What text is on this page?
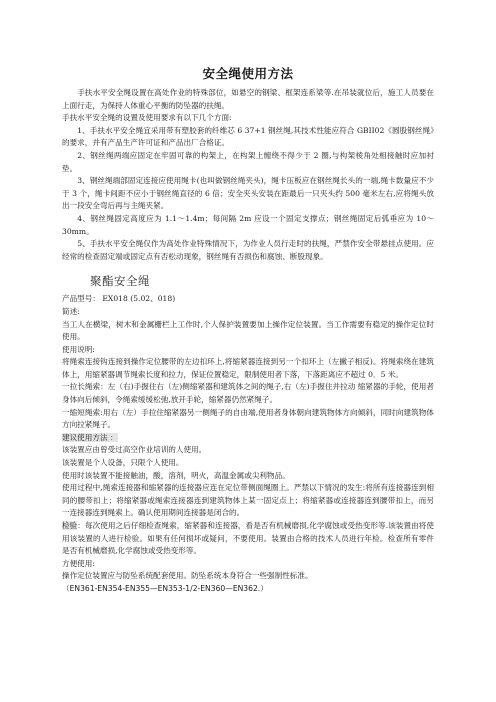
安全绳使用方法

手扶水平安全绳设置在高处作业的特殊部位，如悬空的钢梁、框架连系梁等.在吊装就位后，施工人员要在上面行走，为保持人体重心平衡的防坠器的扶绳。

手扶水平安全绳的设置及使用要求有以下几个方面:

1、手扶水平安全绳宜采用带有塑胶套的纤维芯 6 37+1 钢丝绳,其技术性能应符合 GBII02《圆股钢丝绳》的要求，并有产品生产许可证和产品出厂合格证。

2、钢丝绳两端应固定在牢固可靠的构架上，在构架上缠绕不得少于 2 圈,与构架棱角处相接触时应加衬垫。

3、钢丝绳端部固定连接应使用绳卡(也叫做钢丝绳夹头)，绳卡压板应在钢丝绳长头的一端,绳卡数量应不少于 3 个，绳卡间距不应小于钢丝绳直径的 6 倍；安全夹头安装在距最后一只夹头约 500 毫米左右,应将绳头放出一段安全弯后再与主绳夹紧。

4、钢丝绳固定高度应为 1.1～1.4m；每间隔 2m 应设一个固定支撑点；钢丝绳固定后弧垂应为 10～30mm。

5、手扶水平安全绳仅作为高处作业特殊情况下，为作业人员行走时的扶绳，严禁作安全带悬挂点使用。应经常的检查固定端或固定点有否松动现象，钢丝绳有否损伤和腐蚀、断股现象。

聚酯安全绳

产品型号： EX018 (5.02、018)

简述:

当工人在横梁，树木和金属栅栏上工作时,个人保护装置要加上操作定位装置。当工作需要有稳定的操作定位时使用。

使用说明:

将绳索连接钩连接到操作定位腰带的左边扣环上,将缩紧器连接到另一个扣环上（左撇子相反)。将绳索绕在建筑体上，用缩紧器调节绳索长度和拉力，保证位置稳定，限制使用者下落，下落距离应不超过 0．5 米。

一拉长绳索：左（右)手握住右（左)侧缩紧器和建筑体之间的绳子,右（左)手握住并拉动 缩紧器的手轮，使用者身体向后倾斜，令绳索缓缓松弛,放开手轮，缩紧器仍然紧绳子。

一缩短绳索:用右（左）手拉住缩紧器另一侧绳子的自由端,使用者身体朝向建筑物体方向倾斜，同时向建筑物体方向拉紧绳子。

建议使用方法 ：

该装置应由曾受过高空作业培训的人使用。

该装置是个人设备，只限个人使用。

使用时该装置不能接触油，酸，溶剂，明火，高温金属或尖利物品。

使用过程中,绳索连接器和缩紧器的连接器应连在定位带侧面绳圈上。严禁以下情况的发生:将所有连接器连到相同的腰带扣上；将缩紧器或绳索连接器连到建筑物体上某一固定点上；将缩紧器或连接器连到腰带扣上，而另一连接器连到绳索上。确认使用期间连接器是闭合的。

检验：每次使用之后仔细检查绳索，缩紧器和连接器，看是否有机械磨损,化学腐蚀或受热变形等.该装置由将使用该装置的人进行检验。如果有任何损坏或疑问，不要使用。装置由合格的技术人员进行年检。检查所有零件是否有机械磨损,化学腐蚀或受热变形等。

方便使用:

操作定位装置应与防坠系统配套使用。防坠系统本身符合一些强制性标准。

（EN361-EN354-EN355—EN353-1/2-EN360—EN362.）
